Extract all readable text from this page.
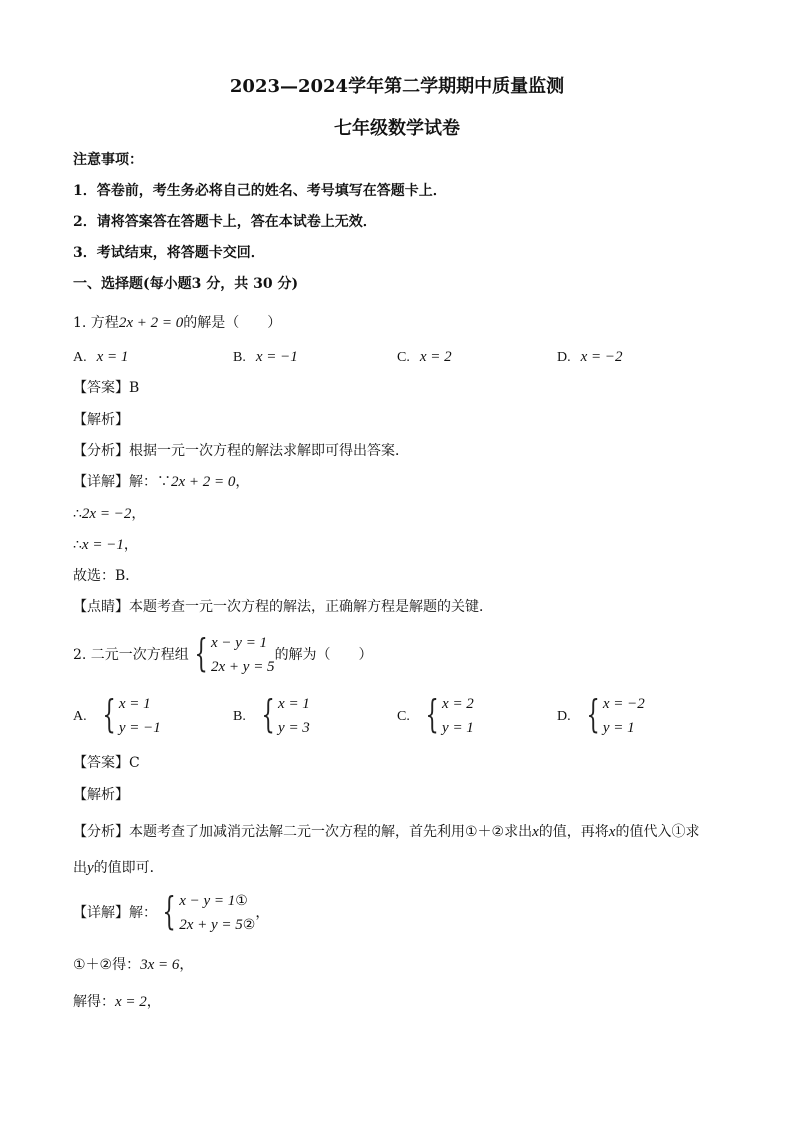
2023—2024学年第二学期期中质量监测
七年级数学试卷
注意事项：
1．答卷前，考生务必将自己的姓名、考号填写在答题卡上．
2．请将答案答在答题卡上，答在本试卷上无效．
3．考试结束，将答题卡交回．
一、选择题(每小题3 分，共 30 分)
1. 方程2x + 2 = 0的解是（　　）
A. x = 1	B. x = −1	C. x = 2	D. x = −2
【答案】B
【解析】
【分析】根据一元一次方程的解法求解即可得出答案．
【详解】解：∵2x + 2 = 0，
∴2x = −2，
∴x = −1，
故选：B．
【点睛】本题考查一元一次方程的解法，正确解方程是解题的关键．
2. 二元一次方程组 { x − y = 1
2x + y = 5
的解为（　　）
A. { x = 1
y = −1
B. { x = 1
y = 3
C. { x = 2
y = 1
D. { x = −2
y = 1
【答案】C
【解析】
【分析】本题考查了加减消元法解二元一次方程的解，首先利用①＋②求出x的值，再将x的值代入①求
出y的值即可．
【详解】解： { x − y = 1①
2x + y = 5②
，
①＋②得：3x = 6，
解得：x = 2，
